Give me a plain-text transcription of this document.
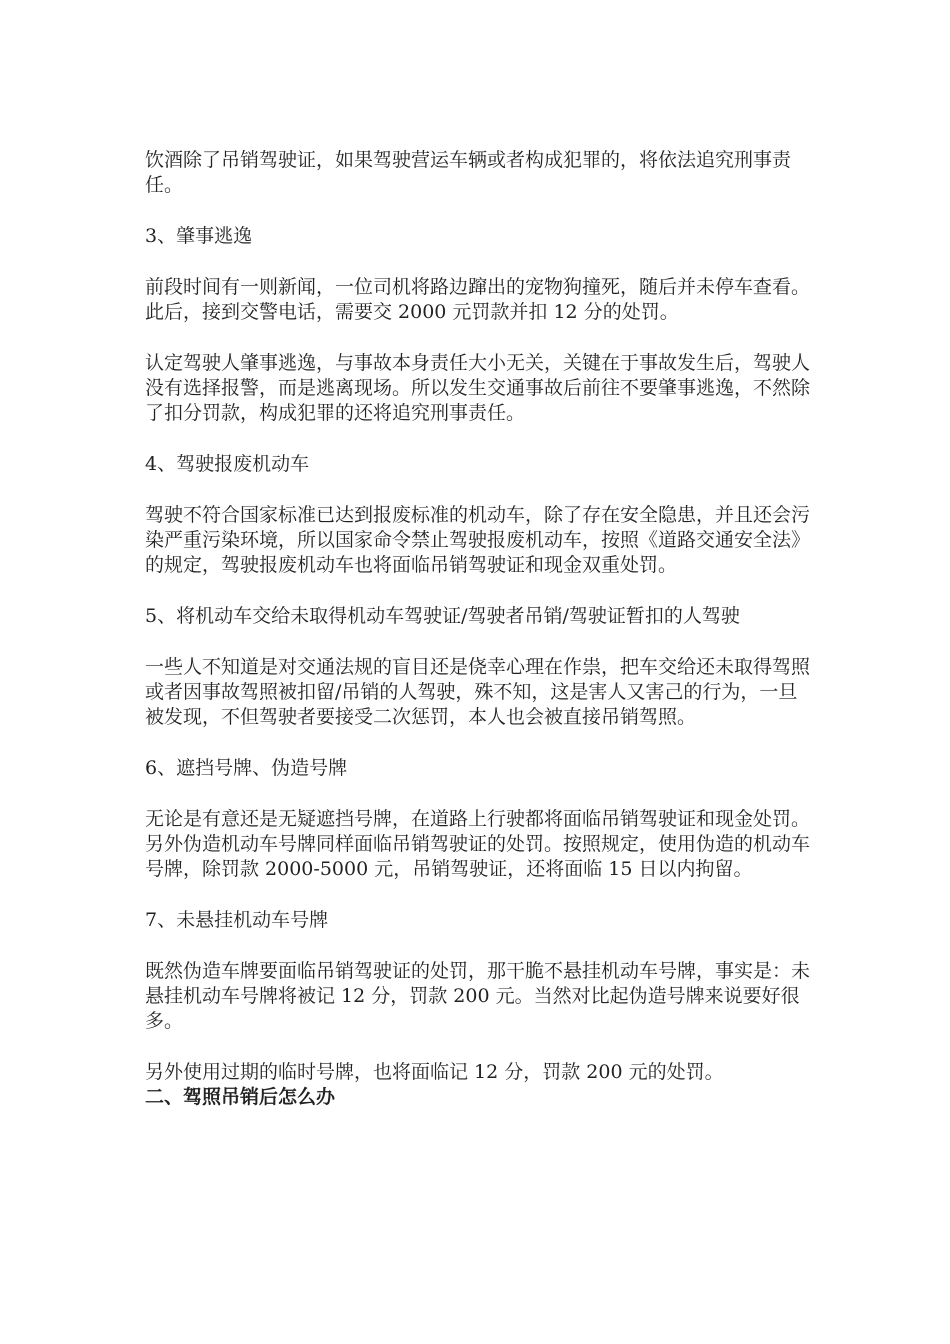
饮酒除了吊销驾驶证，如果驾驶营运车辆或者构成犯罪的，将依法追究刑事责任。

3、肇事逃逸

前段时间有一则新闻，一位司机将路边蹿出的宠物狗撞死，随后并未停车查看。此后，接到交警电话，需要交 2000 元罚款并扣 12 分的处罚。

认定驾驶人肇事逃逸，与事故本身责任大小无关，关键在于事故发生后，驾驶人没有选择报警，而是逃离现场。所以发生交通事故后前往不要肇事逃逸，不然除了扣分罚款，构成犯罪的还将追究刑事责任。

4、驾驶报废机动车

驾驶不符合国家标准已达到报废标准的机动车，除了存在安全隐患，并且还会污染严重污染环境，所以国家命令禁止驾驶报废机动车，按照《道路交通安全法》的规定，驾驶报废机动车也将面临吊销驾驶证和现金双重处罚。

5、将机动车交给未取得机动车驾驶证/驾驶者吊销/驾驶证暂扣的人驾驶

一些人不知道是对交通法规的盲目还是侥幸心理在作祟，把车交给还未取得驾照或者因事故驾照被扣留/吊销的人驾驶，殊不知，这是害人又害己的行为，一旦被发现，不但驾驶者要接受二次惩罚，本人也会被直接吊销驾照。

6、遮挡号牌、伪造号牌

无论是有意还是无疑遮挡号牌，在道路上行驶都将面临吊销驾驶证和现金处罚。另外伪造机动车号牌同样面临吊销驾驶证的处罚。按照规定，使用伪造的机动车号牌，除罚款 2000-5000 元，吊销驾驶证，还将面临 15 日以内拘留。

7、未悬挂机动车号牌

既然伪造车牌要面临吊销驾驶证的处罚，那干脆不悬挂机动车号牌，事实是：未悬挂机动车号牌将被记 12 分，罚款 200 元。当然对比起伪造号牌来说要好很多。

另外使用过期的临时号牌，也将面临记 12 分，罚款 200 元的处罚。

二、驾照吊销后怎么办
